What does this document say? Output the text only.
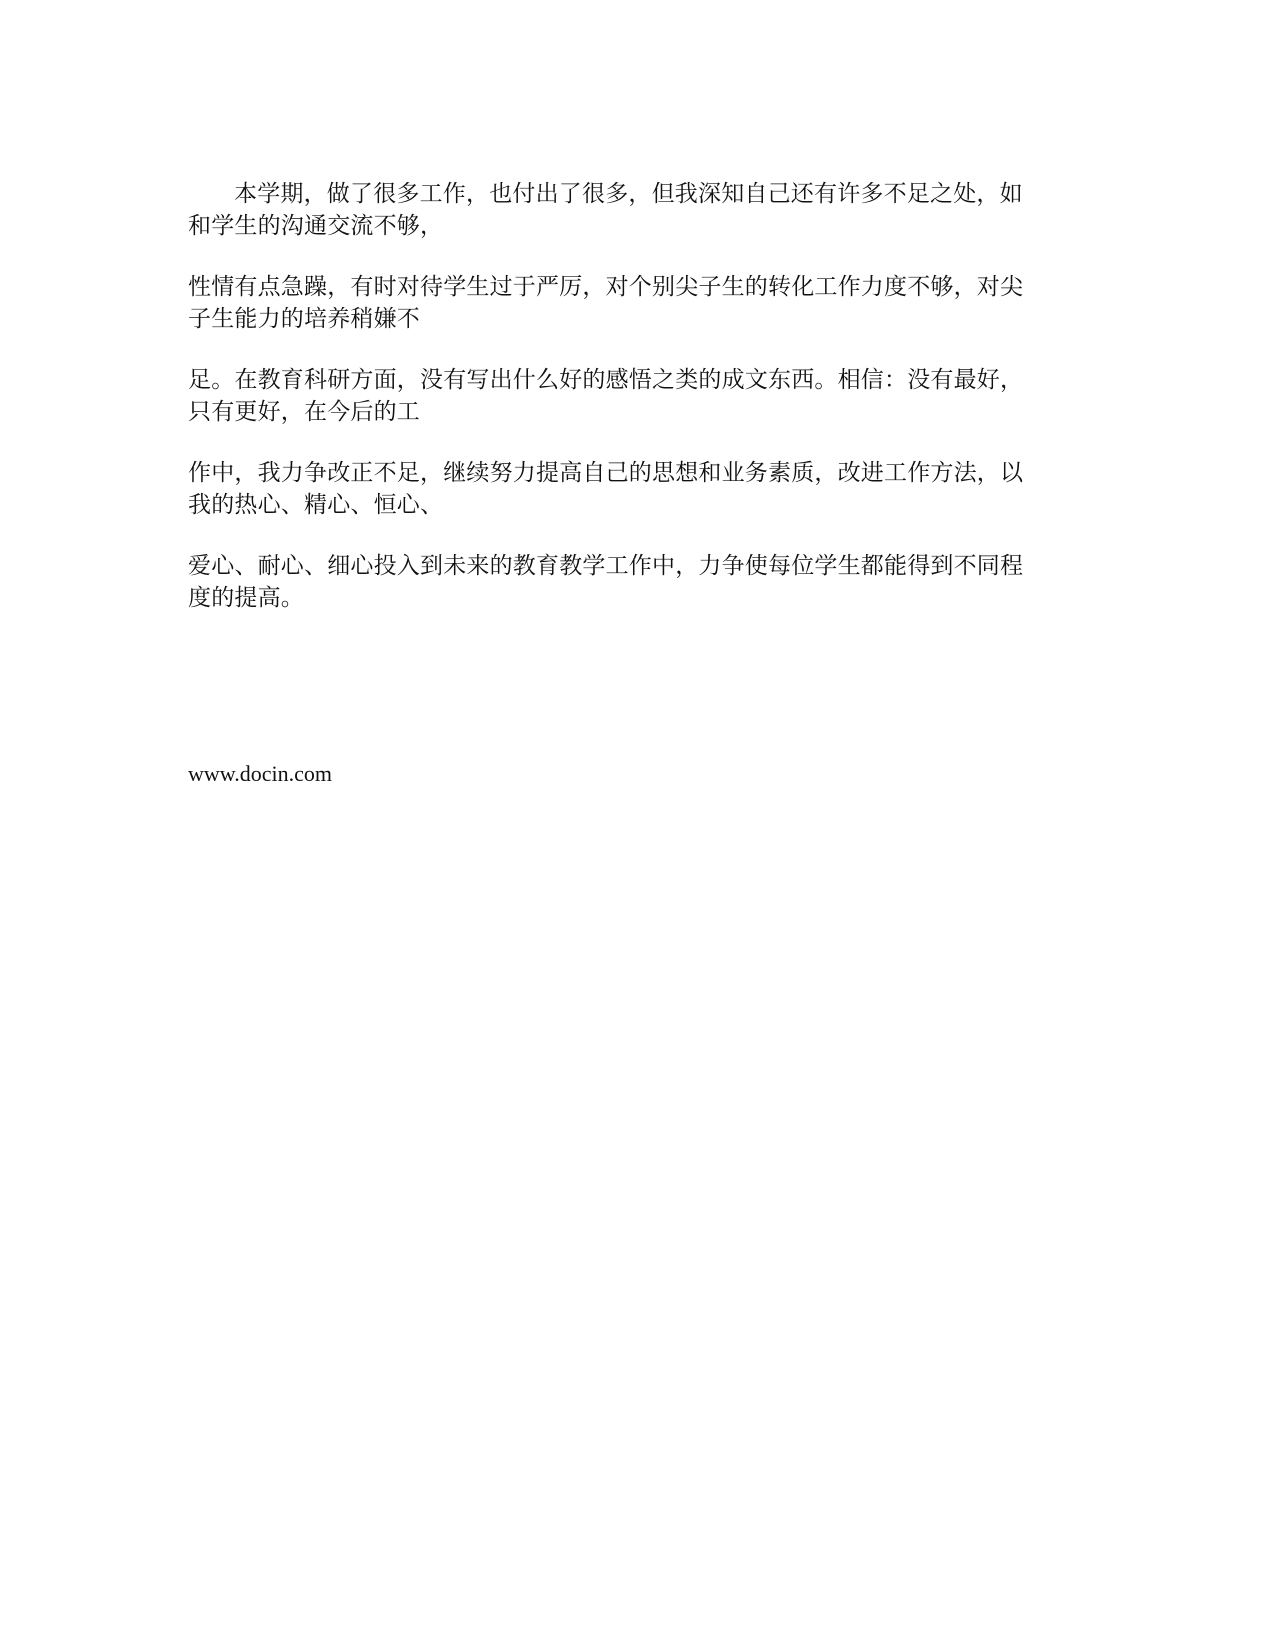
本学期，做了很多工作，也付出了很多，但我深知自己还有许多不足之处，如
和学生的沟通交流不够，

性情有点急躁，有时对待学生过于严厉，对个别尖子生的转化工作力度不够，对尖
子生能力的培养稍嫌不

足。在教育科研方面，没有写出什么好的感悟之类的成文东西。相信：没有最好，
只有更好，在今后的工

作中，我力争改正不足，继续努力提高自己的思想和业务素质，改进工作方法，以
我的热心、精心、恒心、

爱心、耐心、细心投入到未来的教育教学工作中，力争使每位学生都能得到不同程
度的提高。

www.docin.com
